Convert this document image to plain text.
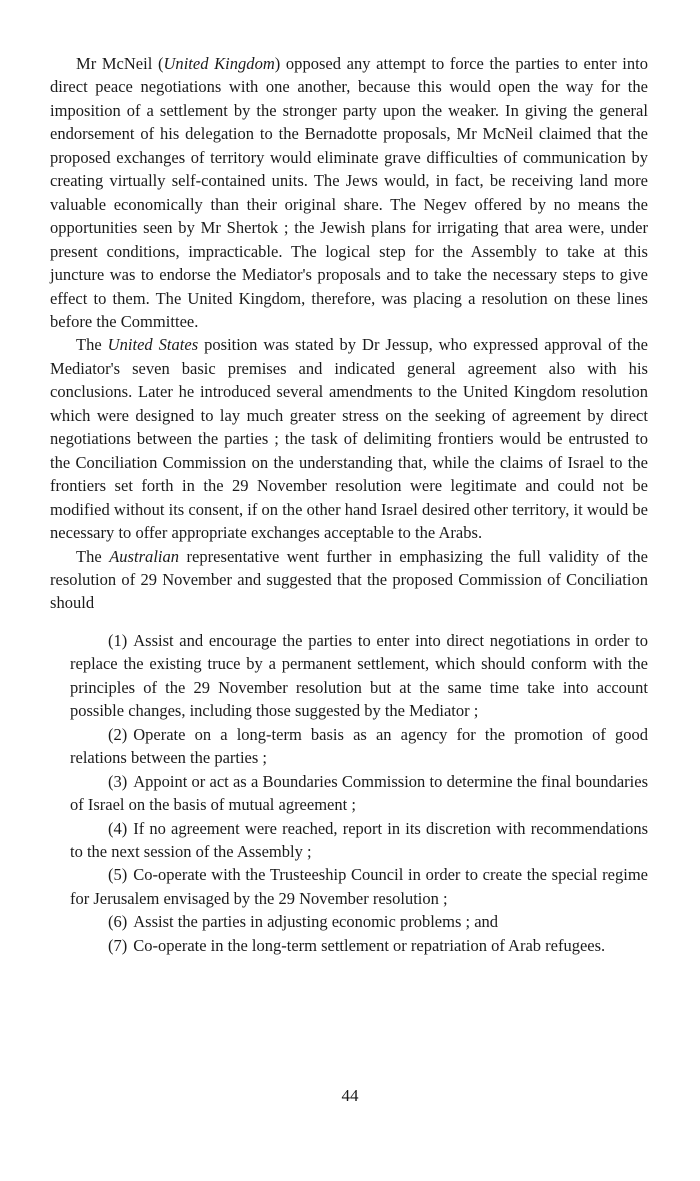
Mr McNeil (United Kingdom) opposed any attempt to force the parties to enter into direct peace negotiations with one another, because this would open the way for the imposition of a settlement by the stronger party upon the weaker. In giving the general endorsement of his delegation to the Bernadotte proposals, Mr McNeil claimed that the proposed exchanges of territory would eliminate grave difficulties of communication by creating virtually self-contained units. The Jews would, in fact, be receiving land more valuable economically than their original share. The Negev offered by no means the opportunities seen by Mr Shertok ; the Jewish plans for irrigating that area were, under present conditions, impracticable. The logical step for the Assembly to take at this juncture was to endorse the Mediator's proposals and to take the necessary steps to give effect to them. The United Kingdom, therefore, was placing a resolution on these lines before the Committee.

The United States position was stated by Dr Jessup, who expressed approval of the Mediator's seven basic premises and indicated general agreement also with his conclusions. Later he introduced several amendments to the United Kingdom resolution which were designed to lay much greater stress on the seeking of agreement by direct negotiations between the parties ; the task of delimiting frontiers would be entrusted to the Conciliation Commission on the understanding that, while the claims of Israel to the frontiers set forth in the 29 November resolution were legitimate and could not be modified without its consent, if on the other hand Israel desired other territory, it would be necessary to offer appropriate exchanges acceptable to the Arabs.

The Australian representative went further in emphasizing the full validity of the resolution of 29 November and suggested that the proposed Commission of Conciliation should

(1) Assist and encourage the parties to enter into direct negotiations in order to replace the existing truce by a permanent settlement, which should conform with the principles of the 29 November resolution but at the same time take into account possible changes, including those suggested by the Mediator ;
(2) Operate on a long-term basis as an agency for the promotion of good relations between the parties ;
(3) Appoint or act as a Boundaries Commission to determine the final boundaries of Israel on the basis of mutual agreement ;
(4) If no agreement were reached, report in its discretion with recommendations to the next session of the Assembly ;
(5) Co-operate with the Trusteeship Council in order to create the special regime for Jerusalem envisaged by the 29 November resolution ;
(6) Assist the parties in adjusting economic problems ; and
(7) Co-operate in the long-term settlement or repatriation of Arab refugees.
44
